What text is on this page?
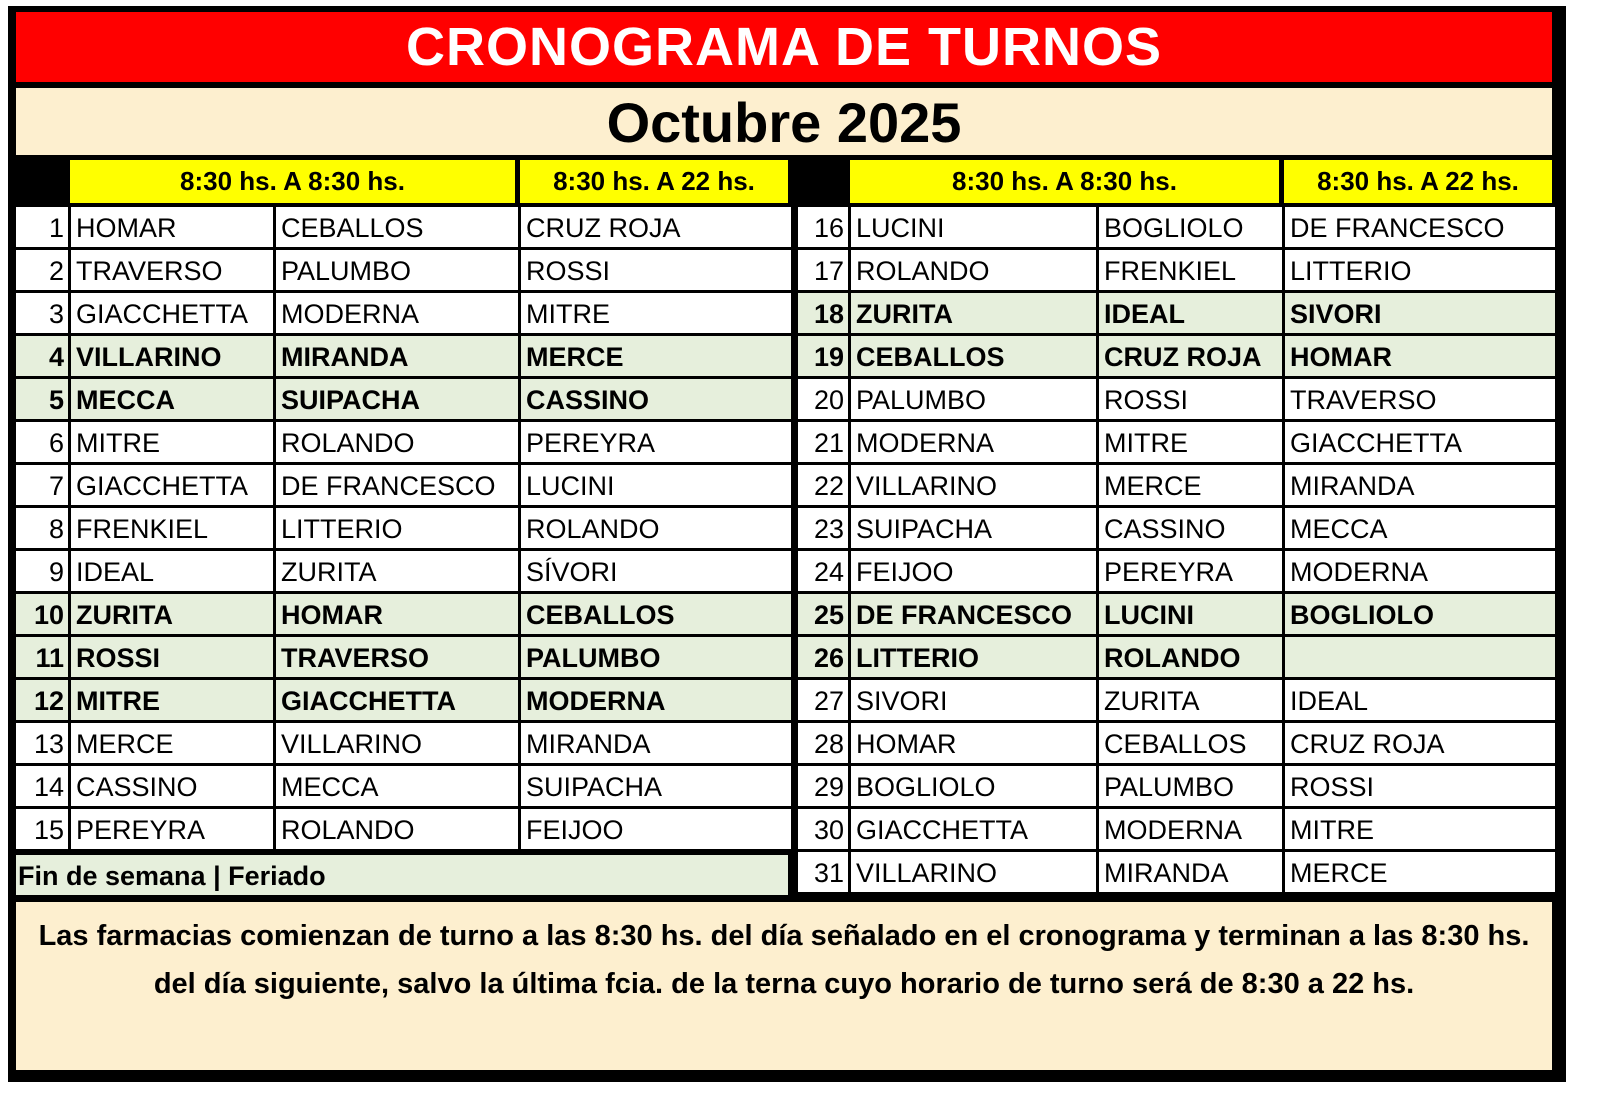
CRONOGRAMA DE TURNOS
Octubre 2025
8:30 hs. A 8:30 hs.	8:30 hs. A 22 hs.	8:30 hs. A 8:30 hs.	8:30 hs. A 22 hs.
1 HOMAR	CEBALLOS	CRUZ ROJA
2 TRAVERSO	PALUMBO	ROSSI
3 GIACCHETTA	MODERNA	MITRE
4 VILLARINO	MIRANDA	MERCE
5 MECCA	SUIPACHA	CASSINO
6 MITRE	ROLANDO	PEREYRA
7 GIACCHETTA	DE FRANCESCO	LUCINI
8 FRENKIEL	LITTERIO	ROLANDO
9 IDEAL	ZURITA	SÍVORI
10 ZURITA	HOMAR	CEBALLOS
11 ROSSI	TRAVERSO	PALUMBO
12 MITRE	GIACCHETTA	MODERNA
13 MERCE	VILLARINO	MIRANDA
14 CASSINO	MECCA	SUIPACHA
15 PEREYRA	ROLANDO	FEIJOO
16 LUCINI	BOGLIOLO	DE FRANCESCO
17 ROLANDO	FRENKIEL	LITTERIO
18 ZURITA	IDEAL	SIVORI
19 CEBALLOS	CRUZ ROJA	HOMAR
20 PALUMBO	ROSSI	TRAVERSO
21 MODERNA	MITRE	GIACCHETTA
22 VILLARINO	MERCE	MIRANDA
23 SUIPACHA	CASSINO	MECCA
24 FEIJOO	PEREYRA	MODERNA
25 DE FRANCESCO	LUCINI	BOGLIOLO
26 LITTERIO	ROLANDO
27 SIVORI	ZURITA	IDEAL
28 HOMAR	CEBALLOS	CRUZ ROJA
29 BOGLIOLO	PALUMBO	ROSSI
30 GIACCHETTA	MODERNA	MITRE
31 VILLARINO	MIRANDA	MERCE
Fin de semana | Feriado
Las farmacias comienzan de turno a las 8:30 hs. del día señalado en el cronograma y terminan a las 8:30 hs. del día siguiente, salvo la última fcia. de la terna cuyo horario de turno será de 8:30 a 22 hs.
